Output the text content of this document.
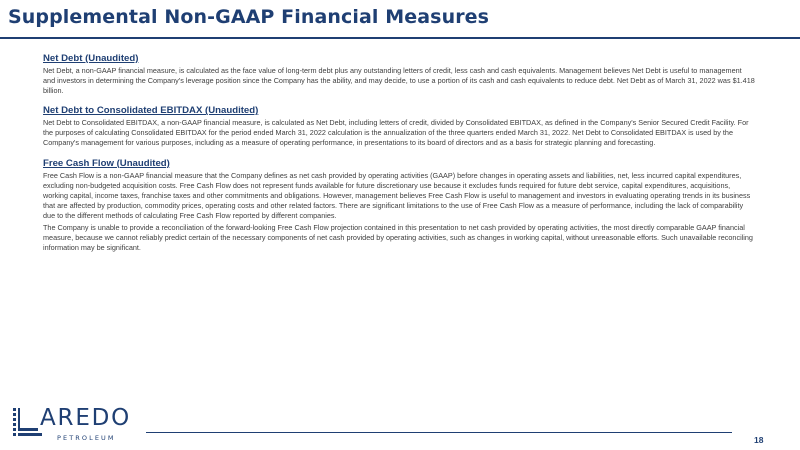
Supplemental Non-GAAP Financial Measures
Net Debt (Unaudited)

Net Debt, a non-GAAP financial measure, is calculated as the face value of long-term debt plus any outstanding letters of credit, less cash and cash equivalents. Management believes Net Debt is useful to management and investors in determining the Company's leverage position since the Company has the ability, and may decide, to use a portion of its cash and cash equivalents to reduce debt. Net Debt as of March 31, 2022 was $1.418 billion.

Net Debt to Consolidated EBITDAX (Unaudited)

Net Debt to Consolidated EBITDAX, a non-GAAP financial measure, is calculated as Net Debt, including letters of credit, divided by Consolidated EBITDAX, as defined in the Company's Senior Secured Credit Facility. For the purposes of calculating Consolidated EBITDAX for the period ended March 31, 2022 calculation is the annualization of the three quarters ended March 31, 2022. Net Debt to Consolidated EBITDAX is used by the Company's management for various purposes, including as a measure of operating performance, in presentations to its board of directors and as a basis for strategic planning and forecasting.

Free Cash Flow (Unaudited)

Free Cash Flow is a non-GAAP financial measure that the Company defines as net cash provided by operating activities (GAAP) before changes in operating assets and liabilities, net, less incurred capital expenditures, excluding non-budgeted acquisition costs. Free Cash Flow does not represent funds available for future discretionary use because it excludes funds required for future debt service, capital expenditures, acquisitions, working capital, income taxes, franchise taxes and other commitments and obligations. However, management believes Free Cash Flow is useful to management and investors in evaluating operating trends in its business that are affected by production, commodity prices, operating costs and other related factors. There are significant limitations to the use of Free Cash Flow as a measure of performance, including the lack of comparability due to the different methods of calculating Free Cash Flow reported by different companies.

The Company is unable to provide a reconciliation of the forward-looking Free Cash Flow projection contained in this presentation to net cash provided by operating activities, the most directly comparable GAAP financial measure, because we cannot reliably predict certain of the necessary components of net cash provided by operating activities, such as changes in working capital, without unreasonable efforts. Such unavailable reconciling information may be significant.

AREDO
PETROLEUM	18
